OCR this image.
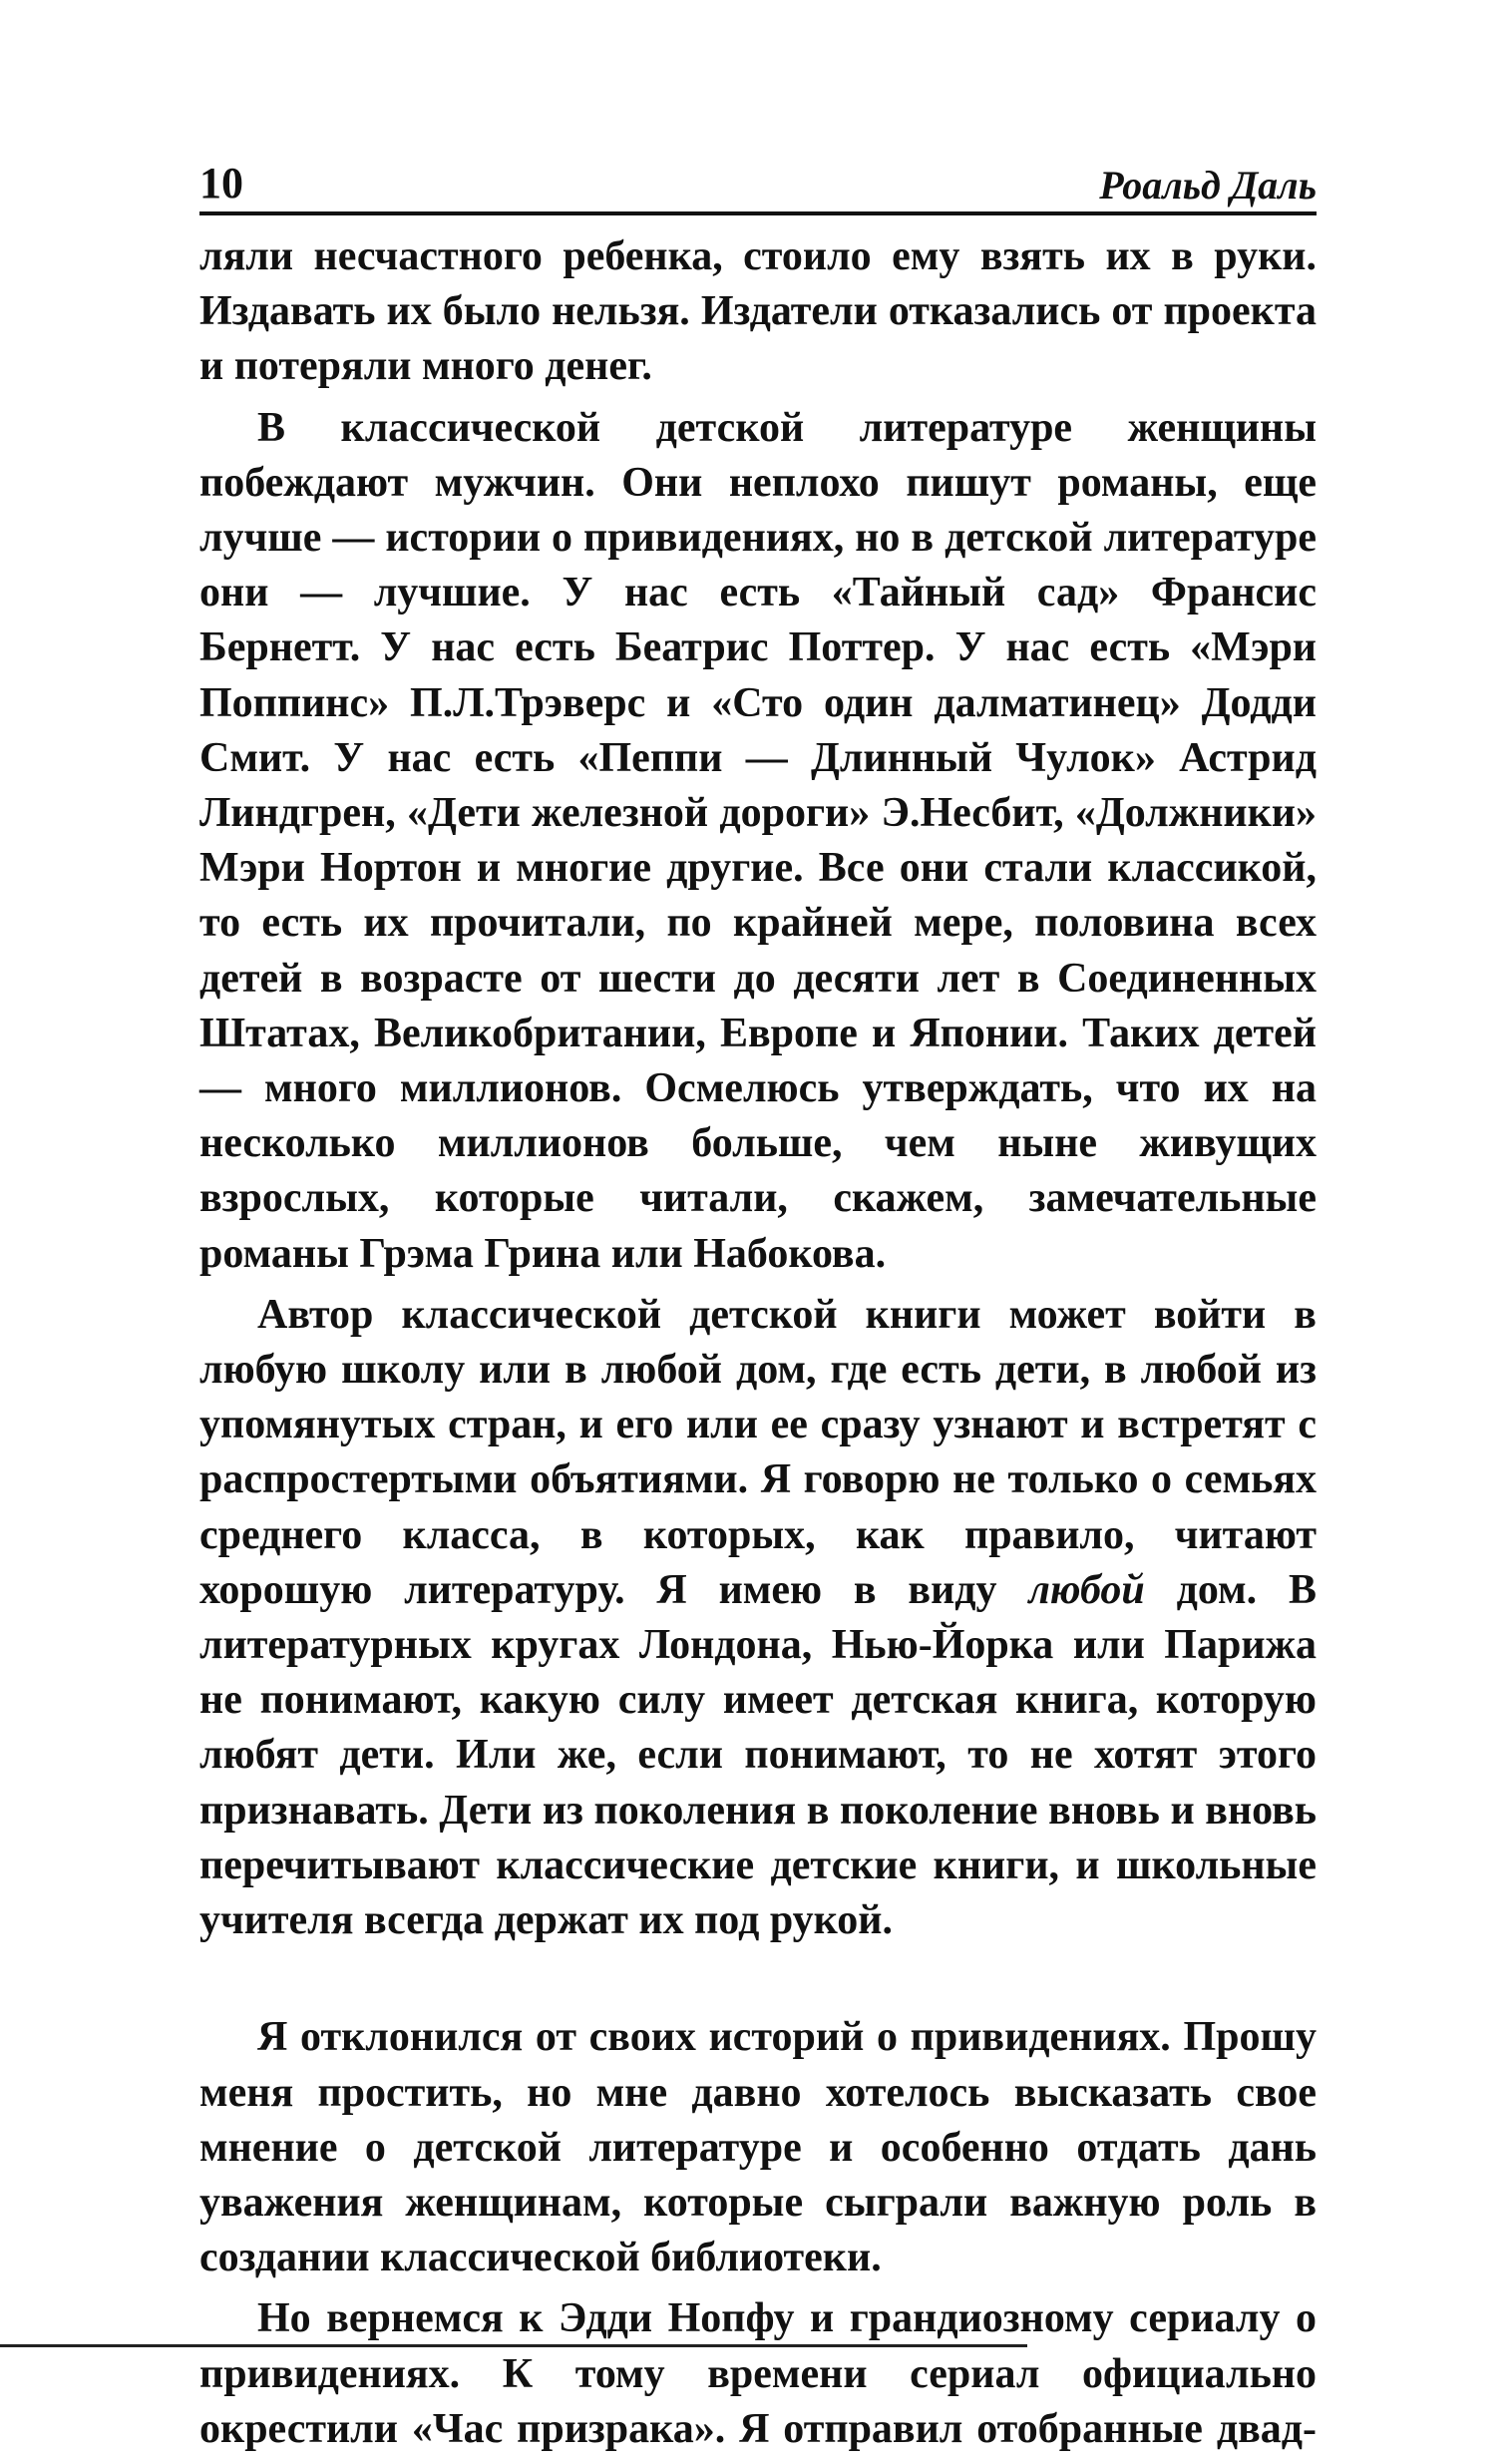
10	Роальд Даль

ляли несчастного ребенка, стоило ему взять их в руки. Издавать их было нельзя. Издатели отказались от проекта и потеряли много денег.

В классической детской литературе женщины побеждают мужчин. Они неплохо пишут романы, еще лучше — истории о привидениях, но в детской литературе они — лучшие. У нас есть «Тайный сад» Франсис Бернетт. У нас есть Беатрис Поттер. У нас есть «Мэри Поппинс» П.Л.Трэверс и «Сто один далматинец» Додди Смит. У нас есть «Пеппи — Длинный Чулок» Астрид Линдгрен, «Дети железной дороги» Э.Несбит, «Должники» Мэри Нортон и многие другие. Все они стали классикой, то есть их прочитали, по крайней мере, половина всех детей в возрасте от шести до десяти лет в Соединенных Штатах, Великобритании, Европе и Японии. Таких детей — много миллионов. Осмелюсь утверждать, что их на несколько миллионов больше, чем ныне живущих взрослых, которые читали, скажем, замечательные романы Грэма Грина или Набокова.

Автор классической детской книги может войти в любую школу или в любой дом, где есть дети, в любой из упомянутых стран, и его или ее сразу узнают и встретят с распростертыми объятиями. Я говорю не только о семьях среднего класса, в которых, как правило, читают хорошую литературу. Я имею в виду любой дом. В литературных кругах Лондона, Нью-Йорка или Парижа не понимают, какую силу имеет детская книга, которую любят дети. Или же, если понимают, то не хотят этого признавать. Дети из поколения в поколение вновь и вновь перечитывают классические детские книги, и школьные учителя всегда держат их под рукой.

Я отклонился от своих историй о привидениях. Прошу меня простить, но мне давно хотелось высказать свое мнение о детской литературе и особенно отдать дань уважения женщинам, которые сыграли важную роль в создании классической библиотеки.

Но вернемся к Эдди Нопфу и грандиозному сериалу о привидениях. К тому времени сериал официально окрестили «Час призрака». Я отправил отобранные двад-
